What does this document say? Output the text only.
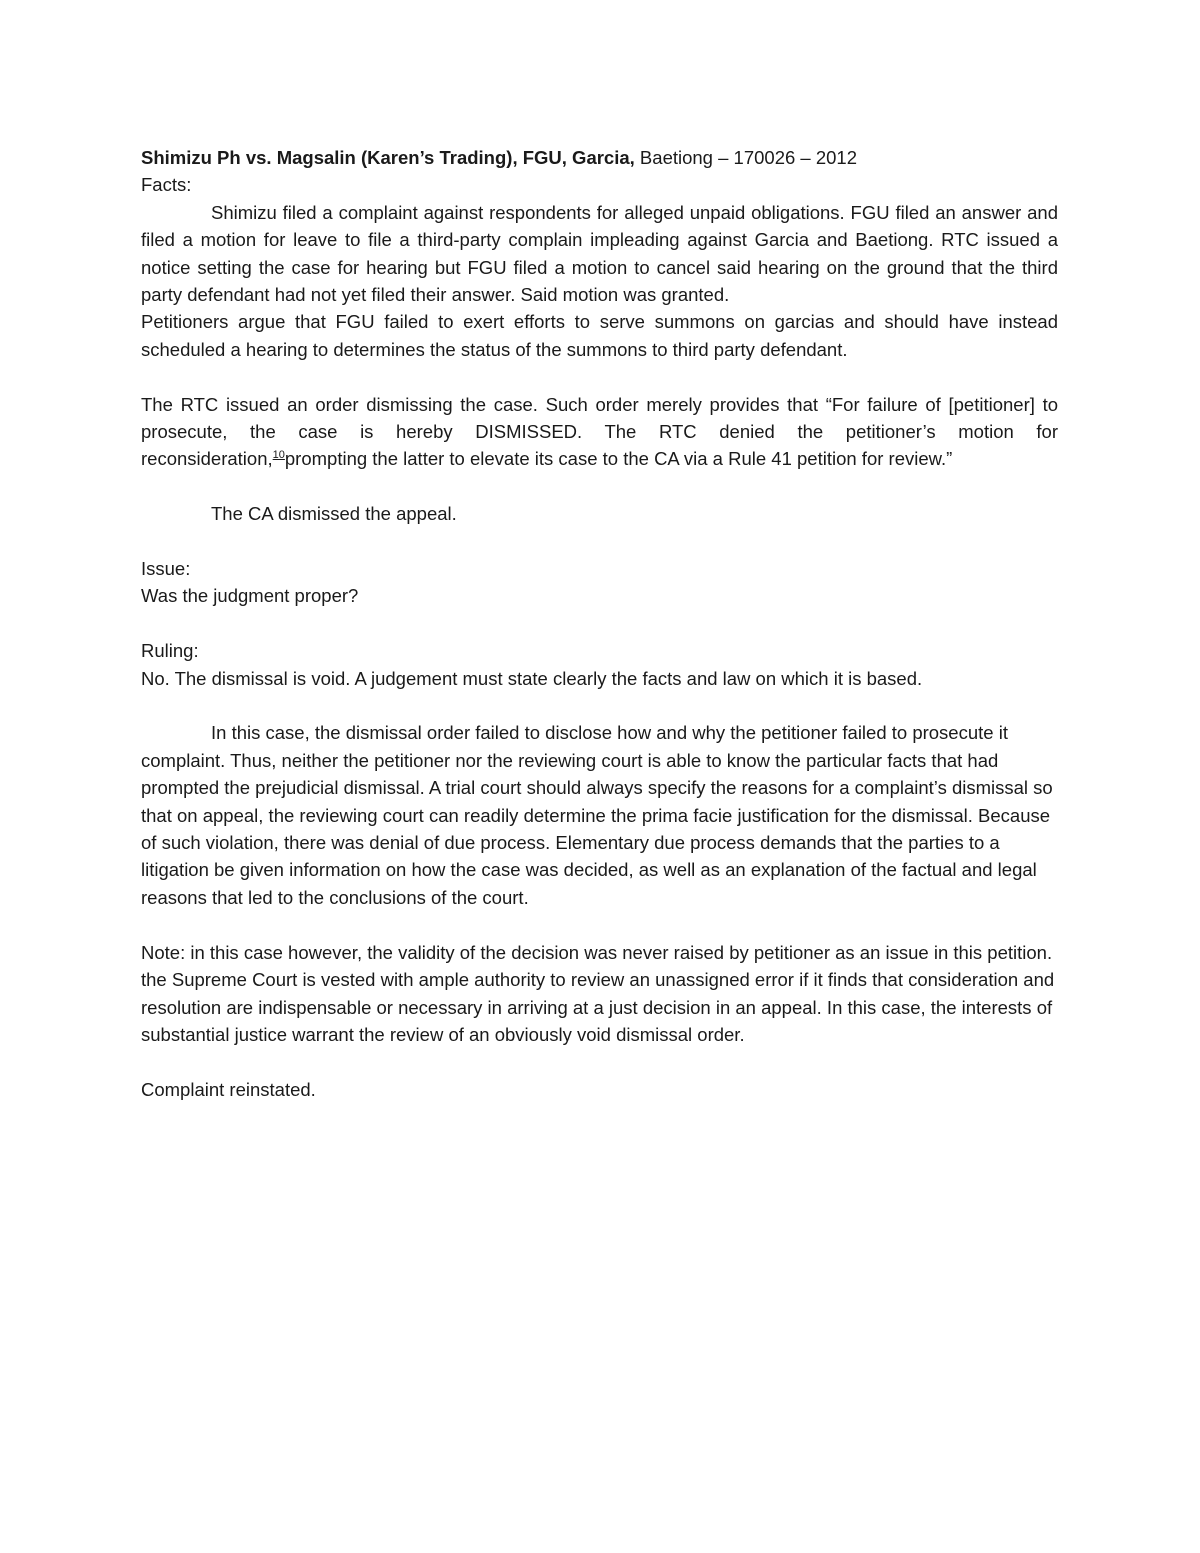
Shimizu Ph vs. Magsalin (Karen’s Trading), FGU, Garcia, Baetiong – 170026 – 2012

Facts:

Shimizu filed a complaint against respondents for alleged unpaid obligations. FGU filed an answer and filed a motion for leave to file a third-party complain impleading against Garcia and Baetiong. RTC issued a notice setting the case for hearing but FGU filed a motion to cancel said hearing on the ground that the third party defendant had not yet filed their answer. Said motion was granted.

Petitioners argue that FGU failed to exert efforts to serve summons on garcias and should have instead scheduled a hearing to determines the status of the summons to third party defendant.

The RTC issued an order dismissing the case. Such order merely provides that “For failure of [petitioner] to prosecute, the case is hereby DISMISSED. The RTC denied the petitioner’s motion for reconsideration,$^{10}$prompting the latter to elevate its case to the CA via a Rule 41 petition for review.”

The CA dismissed the appeal.

Issue:

Was the judgment proper?

Ruling:

No. The dismissal is void. A judgement must state clearly the facts and law on which it is based.

In this case, the dismissal order failed to disclose how and why the petitioner failed to prosecute it complaint. Thus, neither the petitioner nor the reviewing court is able to know the particular facts that had prompted the prejudicial dismissal. A trial court should always specify the reasons for a complaint’s dismissal so that on appeal, the reviewing court can readily determine the prima facie justification for the dismissal. Because of such violation, there was denial of due process. Elementary due process demands that the parties to a litigation be given information on how the case was decided, as well as an explanation of the factual and legal reasons that led to the conclusions of the court.

Note: in this case however, the validity of the decision was never raised by petitioner as an issue in this petition. the Supreme Court is vested with ample authority to review an unassigned error if it finds that consideration and resolution are indispensable or necessary in arriving at a just decision in an appeal. In this case, the interests of substantial justice warrant the review of an obviously void dismissal order.

Complaint reinstated.
